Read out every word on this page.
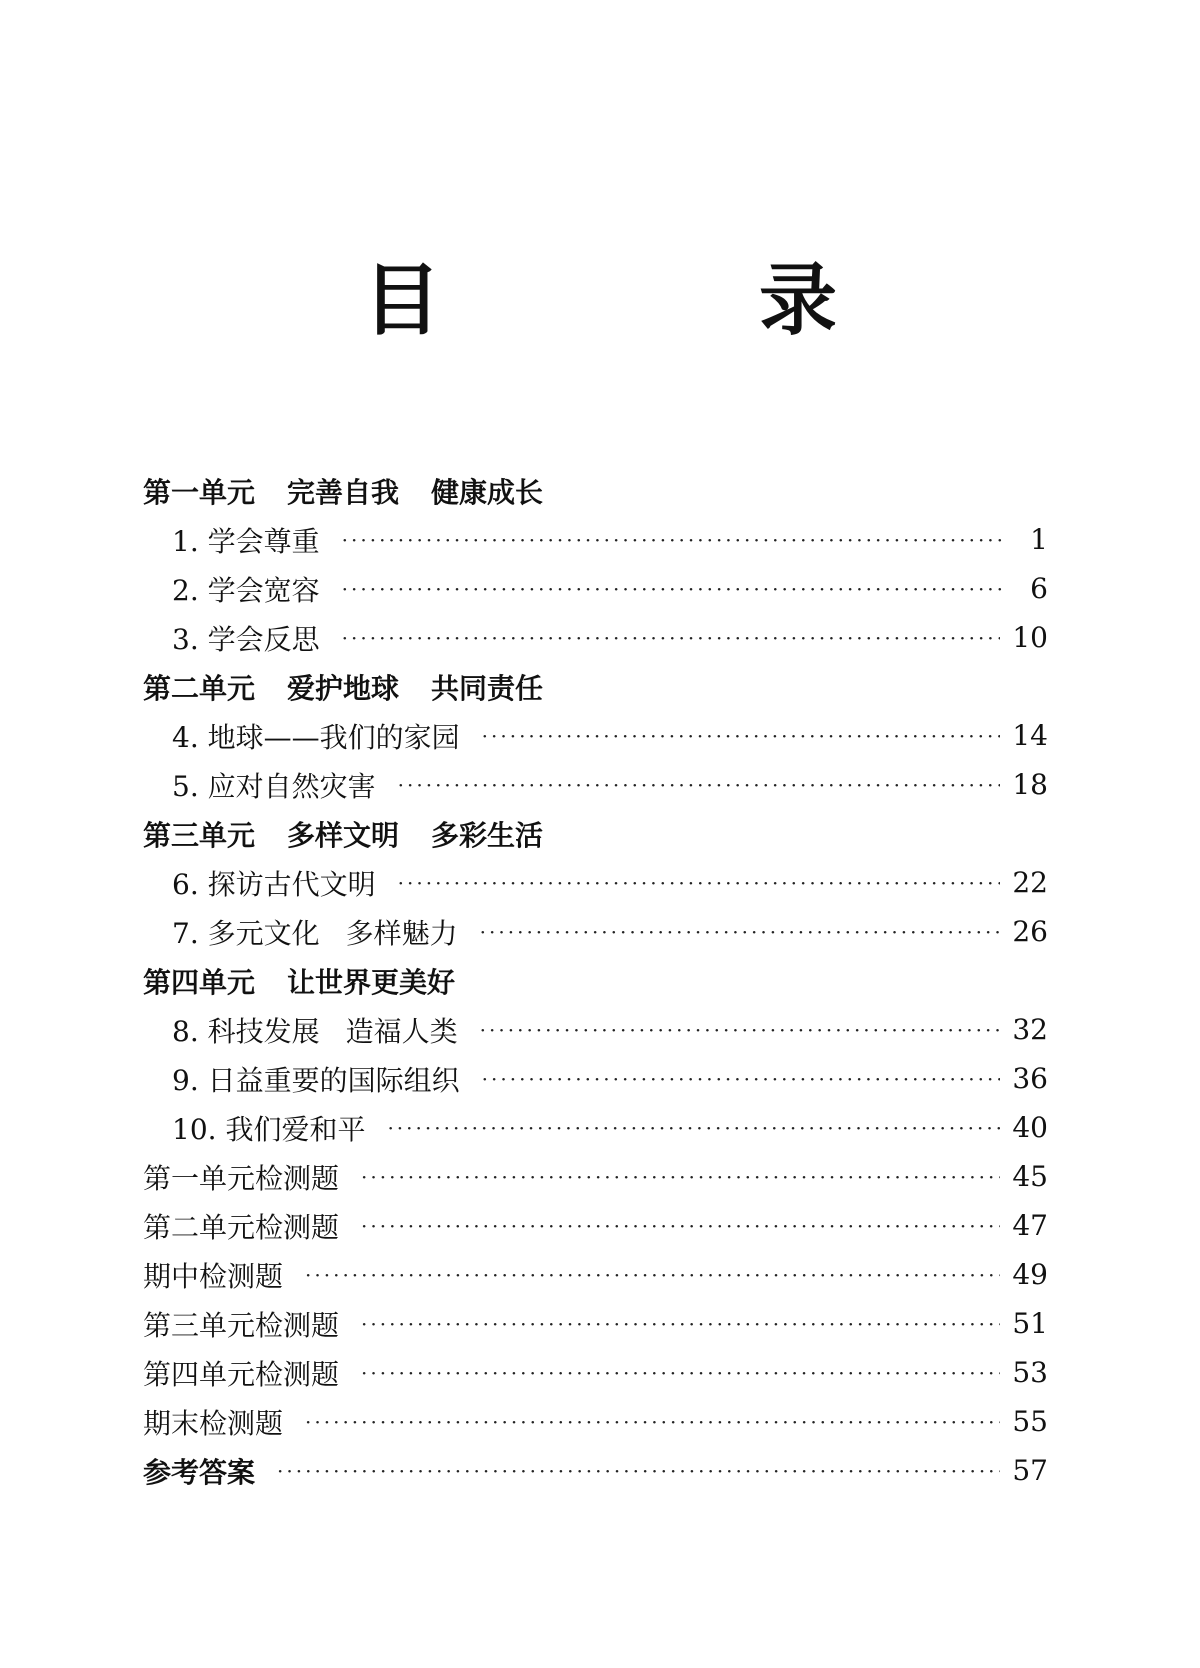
目　录
第一单元 完善自我 健康成长
1. 学会尊重 ·····	1
2. 学会宽容 ·····	6
3. 学会反思 ·····	10
第二单元 爱护地球 共同责任
4. 地球——我们的家园 ·····	14
5. 应对自然灾害 ·····	18
第三单元 多样文明 多彩生活
6. 探访古代文明 ·····	22
7. 多元文化 多样魅力 ·····	26
第四单元 让世界更美好
8. 科技发展 造福人类 ·····	32
9. 日益重要的国际组织 ·····	36
10. 我们爱和平 ·····	40
第一单元检测题 ·····	45
第二单元检测题 ·····	47
期中检测题 ·····	49
第三单元检测题 ·····	51
第四单元检测题 ·····	53
期末检测题 ·····	55
参考答案 ·····	57
